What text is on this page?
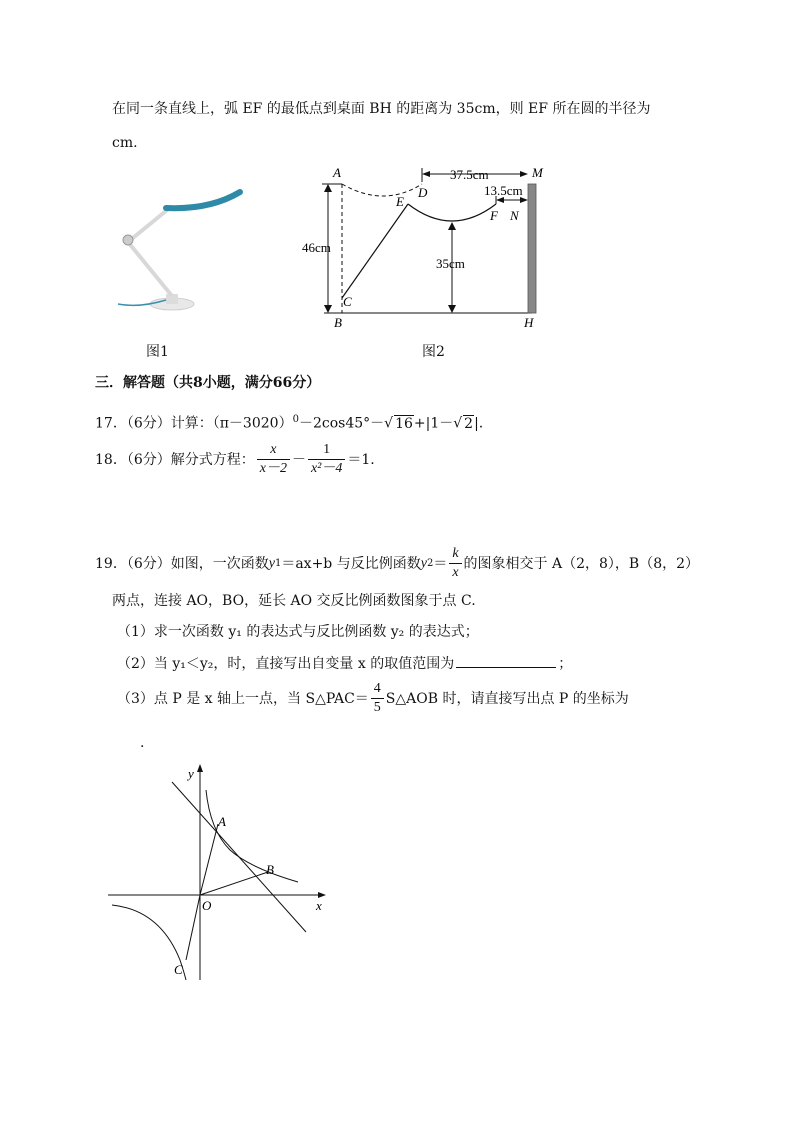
在同一条直线上，弧 EF 的最低点到桌面 BH 的距离为 35cm，则 EF 所在圆的半径为
cm.
图1
A
D
E
F N
M
B
C
H
37.5cm
13.5cm
46cm
35cm
图2
三．解答题（共8小题，满分66分）
17．（6分）计算：$(\pi-3020)^0-2\cos 45^\circ-√$ 16+|1－√ 2|.
18．（6分）解分式方程： $\frac{x}{x-2} - \frac{1}{\text{x²－4}} =1$.
19．（6分）如图，一次函数 y 1 ＝ax+b 与反比例函数 y $2 = \frac{k}{x}$ 的图象相交于 A（2，8），B（8，2）
两点，连接 AO，BO，延长 AO 交反比例函数图象于点 C.
（1）求一次函数 y₁ 的表达式与反比例函数 y₂ 的表达式；
（2）当 y₁＜y₂，时，直接写出自变量 x 的取值范围为	；
（3）点 P 是 x 轴上一点，当 S△PAC＝ $\frac{4}{5}$ S△AOB 时，请直接写出点 P 的坐标为
.
y
x
A
B
O
C
